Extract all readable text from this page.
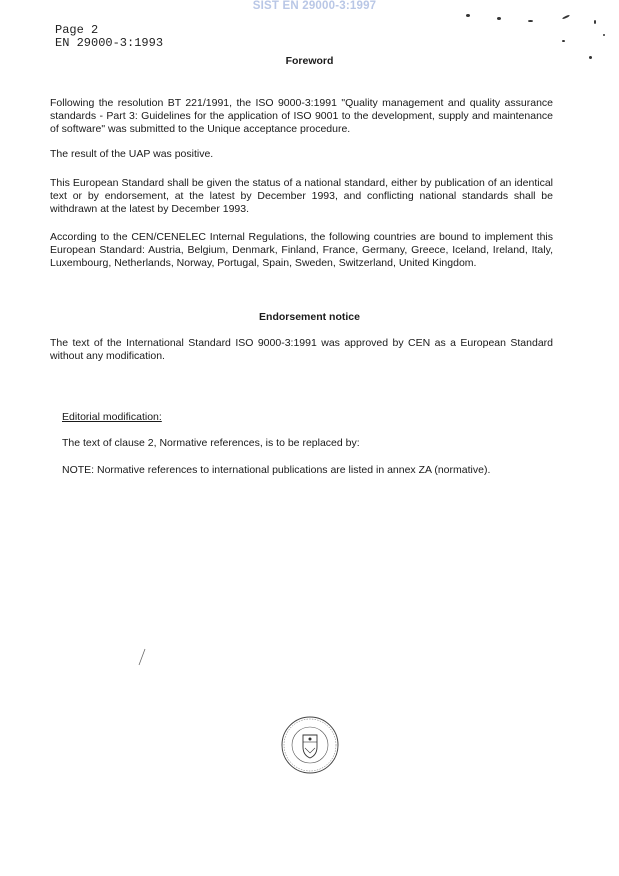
SIST EN 29000-3:1997
Page 2
EN 29000-3:1993
Foreword
Following the resolution BT 221/1991, the ISO 9000-3:1991 "Quality management and quality assurance standards - Part 3: Guidelines for the application of ISO 9001 to the development, supply and maintenance of software" was submitted to the Unique acceptance procedure.
The result of the UAP was positive.
This European Standard shall be given the status of a national standard, either by publication of an identical text or by endorsement, at the latest by December 1993, and conflicting national standards shall be withdrawn at the latest by December 1993.
According to the CEN/CENELEC Internal Regulations, the following countries are bound to implement this European Standard: Austria, Belgium, Denmark, Finland, France, Germany, Greece, Iceland, Ireland, Italy, Luxembourg, Netherlands, Norway, Portugal, Spain, Sweden, Switzerland, United Kingdom.
Endorsement notice
The text of the International Standard ISO 9000-3:1991 was approved by CEN as a European Standard without any modification.
Editorial modification:
The text of clause 2, Normative references, is to be replaced by:
NOTE: Normative references to international publications are listed in annex ZA (normative).
